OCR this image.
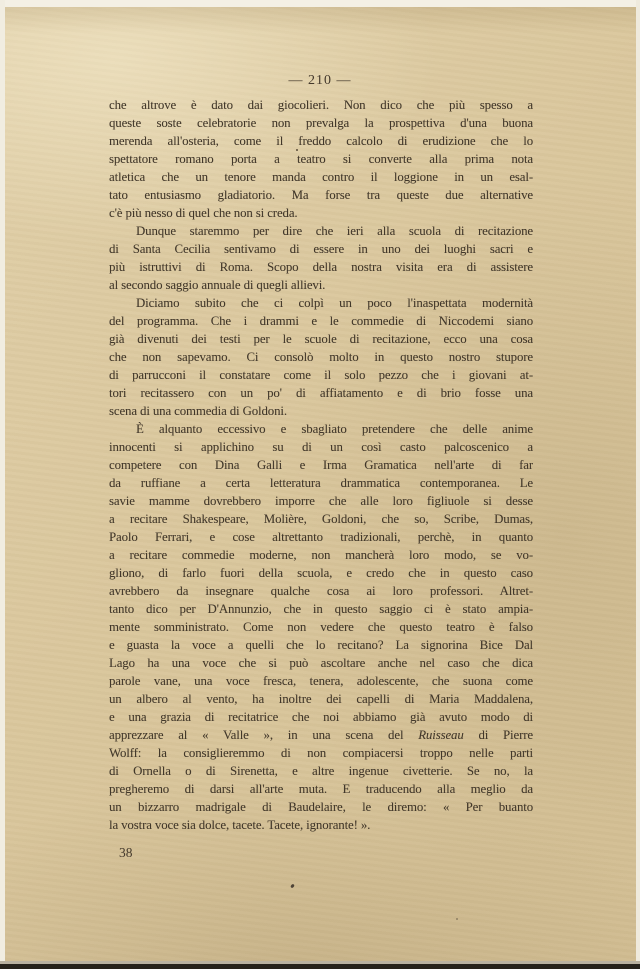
— 210 —
che altrove è dato dai giocolieri. Non dico che più spesso a
queste soste celebratorie non prevalga la prospettiva d'una buona
merenda all'osteria, come il freddo calcolo di erudizione che lo
spettatore romano porta a teatro si converte alla prima nota
atletica che un tenore manda contro il loggione in un esal-
tato entusiasmo gladiatorio. Ma forse tra queste due alternative
c'è più nesso di quel che non si creda.
Dunque staremmo per dire che ieri alla scuola di recitazione
di Santa Cecilia sentivamo di essere in uno dei luoghi sacri e
più istruttivi di Roma. Scopo della nostra visita era di assistere
al secondo saggio annuale di quegli allievi.
Diciamo subito che ci colpì un poco l'inaspettata modernità
del programma. Che i drammi e le commedie di Niccodemi siano
già divenuti dei testi per le scuole di recitazione, ecco una cosa
che non sapevamo. Ci consolò molto in questo nostro stupore
di parrucconi il constatare come il solo pezzo che i giovani at-
tori recitassero con un po' di affiatamento e di brio fosse una
scena di una commedia di Goldoni.
È alquanto eccessivo e sbagliato pretendere che delle anime
innocenti si applichino su di un così casto palcoscenico a
competere con Dina Galli e Irma Gramatica nell'arte di far
da ruffiane a certa letteratura drammatica contemporanea. Le
savie mamme dovrebbero imporre che alle loro figliuole si desse
a recitare Shakespeare, Molière, Goldoni, che so, Scribe, Dumas,
Paolo Ferrari, e cose altrettanto tradizionali, perchè, in quanto
a recitare commedie moderne, non mancherà loro modo, se vo-
gliono, di farlo fuori della scuola, e credo che in questo caso
avrebbero da insegnare qualche cosa ai loro professori. Altret-
tanto dico per D'Annunzio, che in questo saggio ci è stato ampia-
mente somministrato. Come non vedere che questo teatro è falso
e guasta la voce a quelli che lo recitano? La signorina Bice Dal
Lago ha una voce che si può ascoltare anche nel caso che dica
parole vane, una voce fresca, tenera, adolescente, che suona come
un albero al vento, ha inoltre dei capelli di Maria Maddalena,
e una grazia di recitatrice che noi abbiamo già avuto modo di
apprezzare al « Valle », in una scena del Ruisseau di Pierre
Wolff: la consiglieremmo di non compiacersi troppo nelle parti
di Ornella o di Sirenetta, e altre ingenue civetterie. Se no, la
pregheremo di darsi all'arte muta. E traducendo alla meglio da
un bizzarro madrigale di Baudelaire, le diremo: « Per buanto
la vostra voce sia dolce, tacete. Tacete, ignorante! ».
38
